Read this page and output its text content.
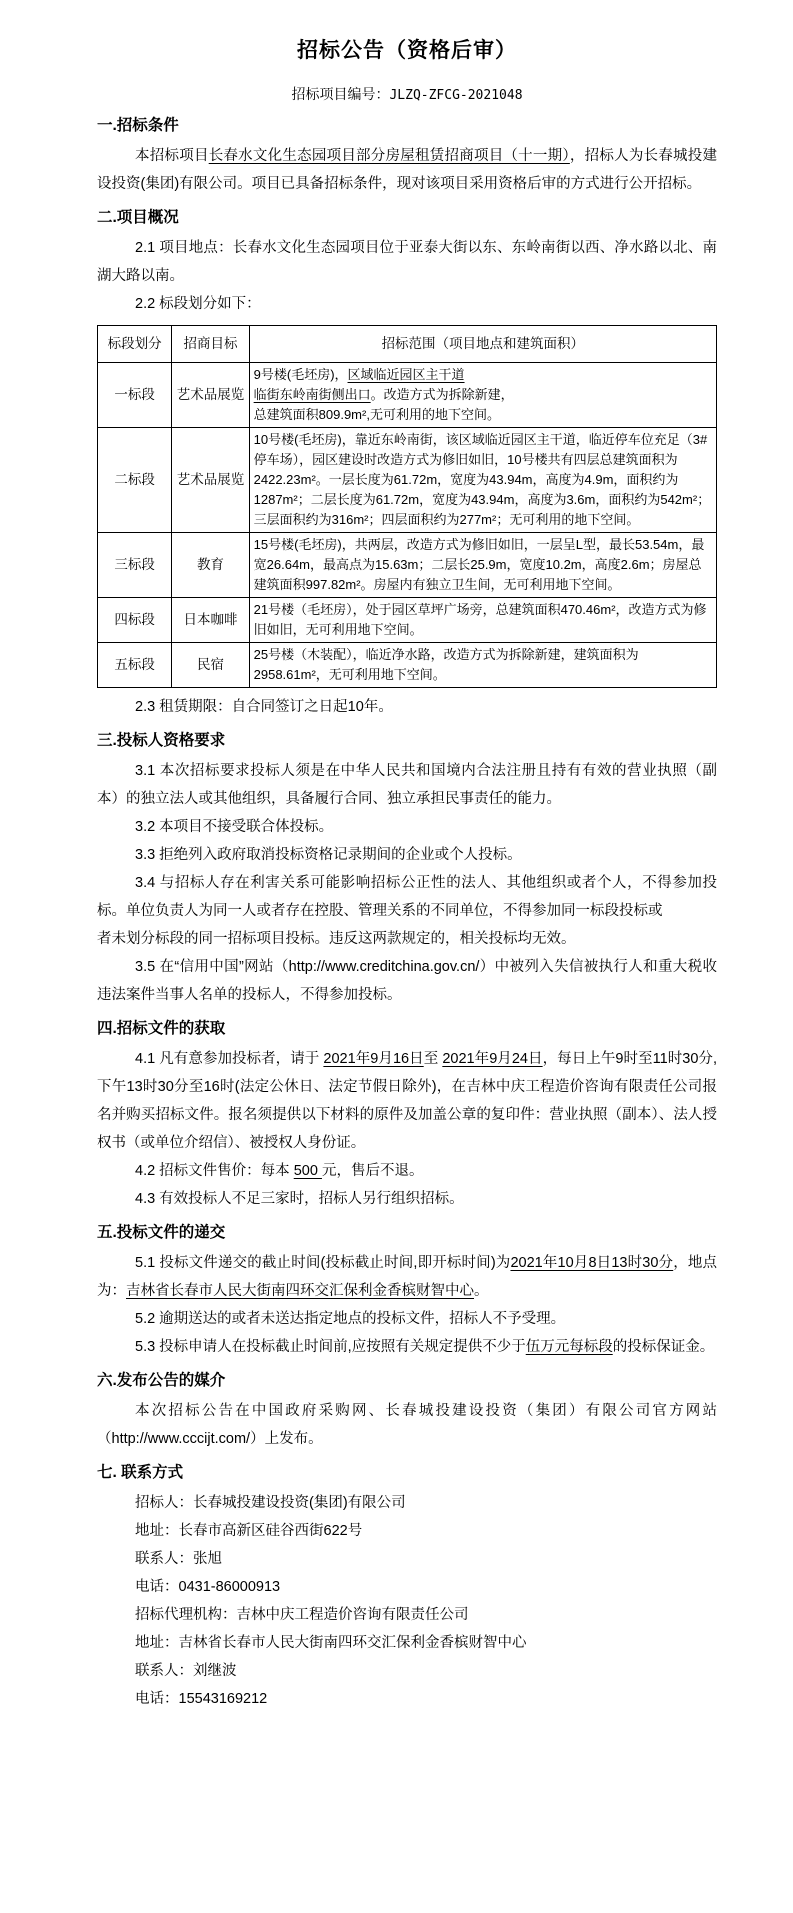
招标公告（资格后审）

招标项目编号：JLZQ-ZFCG-2021048

一.招标条件

本招标项目长春水文化生态园项目部分房屋租赁招商项目（十一期），招标人为长春城投建设投资(集团)有限公司。项目已具备招标条件，现对该项目采用资格后审的方式进行公开招标。

二.项目概况

2.1 项目地点：长春水文化生态园项目位于亚泰大街以东、东岭南街以西、净水路以北、南湖大路以南。

2.2 标段划分如下：

标段划分	招商目标	招标范围（项目地点和建筑面积）
一标段	艺术品展览	9号楼(毛坯房)，区域临近园区主干道
临街东岭南街侧出口。改造方式为拆除新建，
总建筑面积809.9m²,无可利用的地下空间。
二标段	艺术品展览	10号楼(毛坯房)，靠近东岭南街，该区域临近园区主干道，临近停车位充足（3#停车场），园区建设时改造方式为修旧如旧，10号楼共有四层总建筑面积为2422.23m²。一层长度为61.72m，宽度为43.94m，高度为4.9m，面积约为1287m²；二层长度为61.72m，宽度为43.94m，高度为3.6m，面积约为542m²；三层面积约为316m²；四层面积约为277m²；无可利用的地下空间。
三标段	教育	15号楼(毛坯房)，共两层，改造方式为修旧如旧，一层呈L型，最长53.54m，最宽26.64m，最高点为15.63m；二层长25.9m，宽度10.2m，高度2.6m；房屋总建筑面积997.82m²。房屋内有独立卫生间，无可利用地下空间。
四标段	日本咖啡	21号楼（毛坯房），处于园区草坪广场旁，总建筑面积470.46m²，改造方式为修旧如旧，无可利用地下空间。
五标段	民宿	25号楼（木装配），临近净水路，改造方式为拆除新建，建筑面积为2958.61m²，无可利用地下空间。

2.3 租赁期限：自合同签订之日起10年。

三.投标人资格要求

3.1 本次招标要求投标人须是在中华人民共和国境内合法注册且持有有效的营业执照（副本）的独立法人或其他组织，具备履行合同、独立承担民事责任的能力。

3.2 本项目不接受联合体投标。

3.3 拒绝列入政府取消投标资格记录期间的企业或个人投标。

3.4 与招标人存在利害关系可能影响招标公正性的法人、其他组织或者个人，不得参加投标。单位负责人为同一人或者存在控股、管理关系的不同单位，不得参加同一标段投标或

者未划分标段的同一招标项目投标。违反这两款规定的，相关投标均无效。

3.5 在“信用中国”网站（http://www.creditchina.gov.cn/）中被列入失信被执行人和重大税收违法案件当事人名单的投标人，不得参加投标。

四.招标文件的获取

4.1 凡有意参加投标者，请于 2021年9月16日至 2021年9月24日，每日上午9时至11时30分,下午13时30分至16时(法定公休日、法定节假日除外)，在吉林中庆工程造价咨询有限责任公司报名并购买招标文件。报名须提供以下材料的原件及加盖公章的复印件：营业执照（副本）、法人授权书（或单位介绍信）、被授权人身份证。

4.2 招标文件售价：每本 500 元，售后不退。

4.3 有效投标人不足三家时，招标人另行组织招标。

五.投标文件的递交

5.1 投标文件递交的截止时间(投标截止时间,即开标时间)为2021年10月8日13时30分，地点为：吉林省长春市人民大街南四环交汇保利金香槟财智中心。

5.2 逾期送达的或者未送达指定地点的投标文件，招标人不予受理。

5.3 投标申请人在投标截止时间前,应按照有关规定提供不少于伍万元每标段的投标保证金。

六.发布公告的媒介

本次招标公告在中国政府采购网、长春城投建设投资（集团）有限公司官方网站（http://www.cccijt.com/）上发布。

七. 联系方式

招标人：长春城投建设投资(集团)有限公司

地址：长春市高新区硅谷西街622号

联系人：张旭

电话：0431-86000913

招标代理机构：吉林中庆工程造价咨询有限责任公司

地址：吉林省长春市人民大街南四环交汇保利金香槟财智中心

联系人：刘继波

电话：15543169212
